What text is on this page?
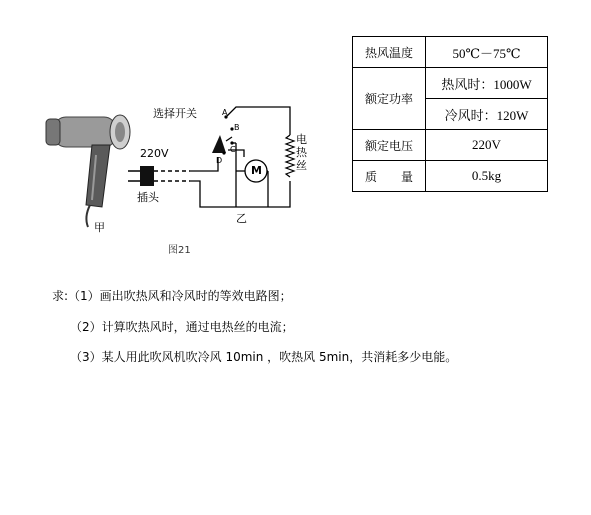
选择开关
220V
插头
甲
乙
M
电热丝
A
B
C
D
图21
热风温度	50℃－75℃
额定功率	热风时：1000W
	冷风时：120W
额定电压	220V
质　　量	0.5kg
求:（1）画出吹热风和冷风时的等效电路图；
（2）计算吹热风时，通过电热丝的电流；
（3）某人用此吹风机吹冷风 10min ，吹热风 5min，共消耗多少电能。
